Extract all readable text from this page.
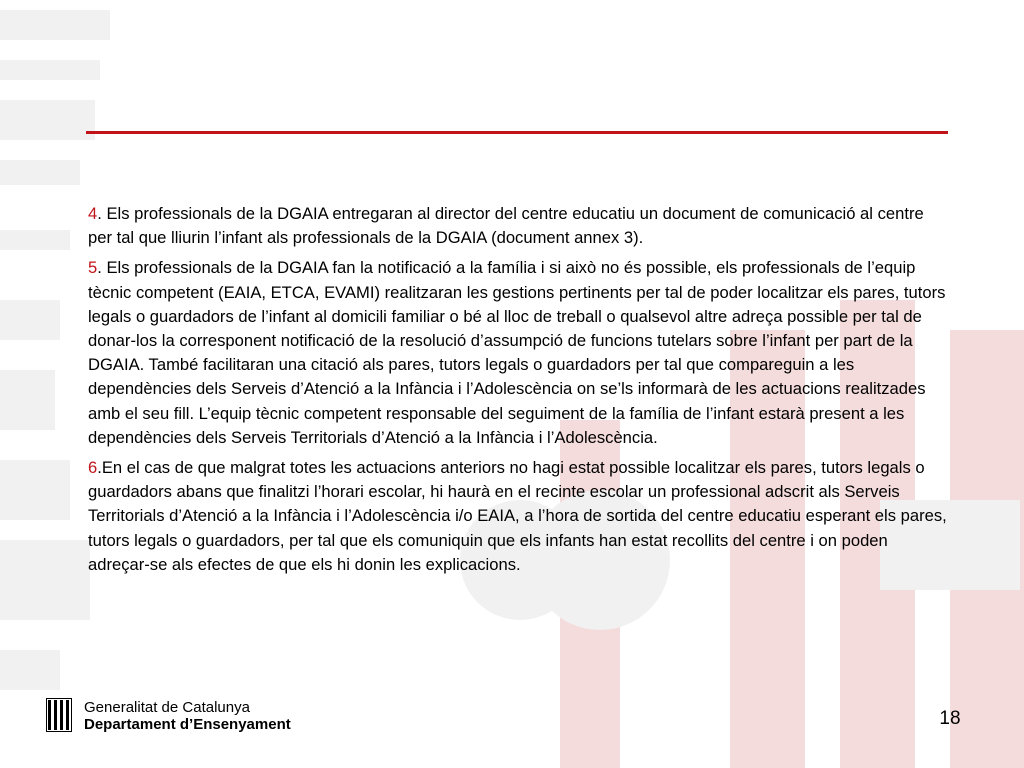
4. Els professionals de la DGAIA entregaran al director del centre educatiu un document de comunicació al centre per tal que lliurin l’infant als professionals de la DGAIA (document annex 3).

5. Els professionals de la DGAIA fan la notificació a la família i si això no és possible, els professionals de l’equip tècnic competent (EAIA, ETCA, EVAMI) realitzaran les gestions pertinents per tal de poder localitzar els pares, tutors legals o guardadors de l’infant al domicili familiar o bé al lloc de treball o qualsevol altre adreça possible per tal de donar-los la corresponent notificació de la resolució d’assumpció de funcions tutelars sobre l’infant per part de la DGAIA. També facilitaran una citació als pares, tutors legals o guardadors per tal que compareguin a les dependències dels Serveis d’Atenció a la Infància i l’Adolescència on se’ls informarà de les actuacions realitzades amb el seu fill. L’equip tècnic competent responsable del seguiment de la família de l’infant estarà present a les dependències dels Serveis Territorials d’Atenció a la Infància i l’Adolescència.

6.En el cas de que malgrat totes les actuacions anteriors no hagi estat possible localitzar els pares, tutors legals o guardadors abans que finalitzi l’horari escolar, hi haurà en el recinte escolar un professional adscrit als Serveis Territorials d’Atenció a la Infància i l’Adolescència i/o EAIA, a l’hora de sortida del centre educatiu esperant els pares, tutors legals o guardadors, per tal que els comuniquin que els infants han estat recollits del centre i on poden adreçar-se als efectes de que els hi donin les explicacions.

Generalitat de Catalunya
Departament d’Ensenyament	18
